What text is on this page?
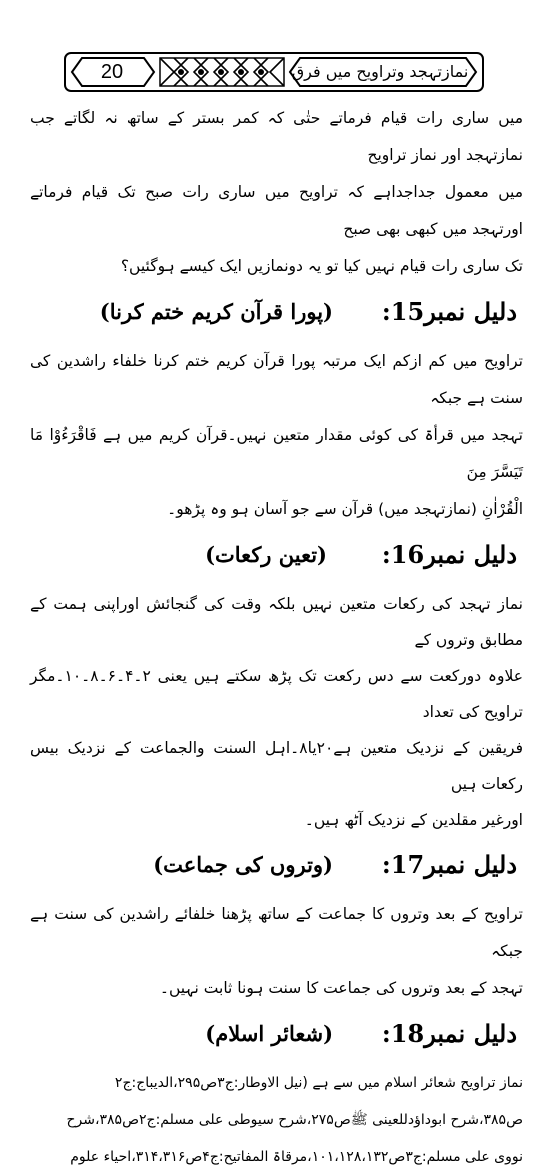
20	نمازتہجد وتراویح میں فرق

میں ساری رات قیام فرماتے حتٰی کہ کمر بستر کے ساتھ نہ لگاتے جب نمازتہجد اور نماز تراویح

میں معمول جداجداہے کہ تراویح میں ساری رات صبح تک قیام فرماتے اورتہجد میں کبھی بھی صبح

تک ساری رات قیام نہیں کیا تو یہ دونمازیں ایک کیسے ہوگئیں؟

دلیل نمبر15:
(پورا قرآن کریم ختم کرنا)

تراویح میں کم ازکم ایک مرتبہ پورا قرآن کریم ختم کرنا خلفاء راشدین کی سنت ہے جبکہ

تہجد میں قرأۃ کی کوئی مقدار متعین نہیں۔قرآن کریم میں ہے فَاقْرَءُوْا مَا تَیَسَّرَ مِنَ

الْقُرْاٰنِ (نمازتہجد میں) قرآن سے جو آسان ہو وہ پڑھو۔

دلیل نمبر16:
(تعین رکعات)

نماز تہجد کی رکعات متعین نہیں بلکہ وقت کی گنجائش اوراپنی ہمت کے مطابق وتروں کے

علاوہ دورکعت سے دس رکعت تک پڑھ سکتے ہیں یعنی ۲۔۴۔۶۔۸۔۱۰۔مگر تراویح کی تعداد

فریقین کے نزدیک متعین ہے۲۰یا۸۔اہل السنت والجماعت کے نزدیک بیس رکعات ہیں

اورغیر مقلدین کے نزدیک آٹھ ہیں۔

دلیل نمبر17:
(وتروں کی جماعت)

تراویح کے بعد وتروں کا جماعت کے ساتھ پڑھنا خلفائے راشدین کی سنت ہے جبکہ

تہجد کے بعد وتروں کی جماعت کا سنت ہونا ثابت نہیں۔

دلیل نمبر18:
(شعائر اسلام)

نماز تراویح شعائر اسلام میں سے ہے (نیل الاوطار:ج۳ص۲۹۵،الدیباج:ج۲

ص۳۸۵،شرح ابوداؤدللعینی ﷺص۲۷۵،شرح سیوطی علی مسلم:ج۲ص۳۸۵،شرح

نووی علی مسلم:ج۳ص۱۰۱،۱۲۸،۱۳۲،مرقاۃ المفاتیح:ج۴ص۳۱۴،۳۱۶،احیاء علوم
